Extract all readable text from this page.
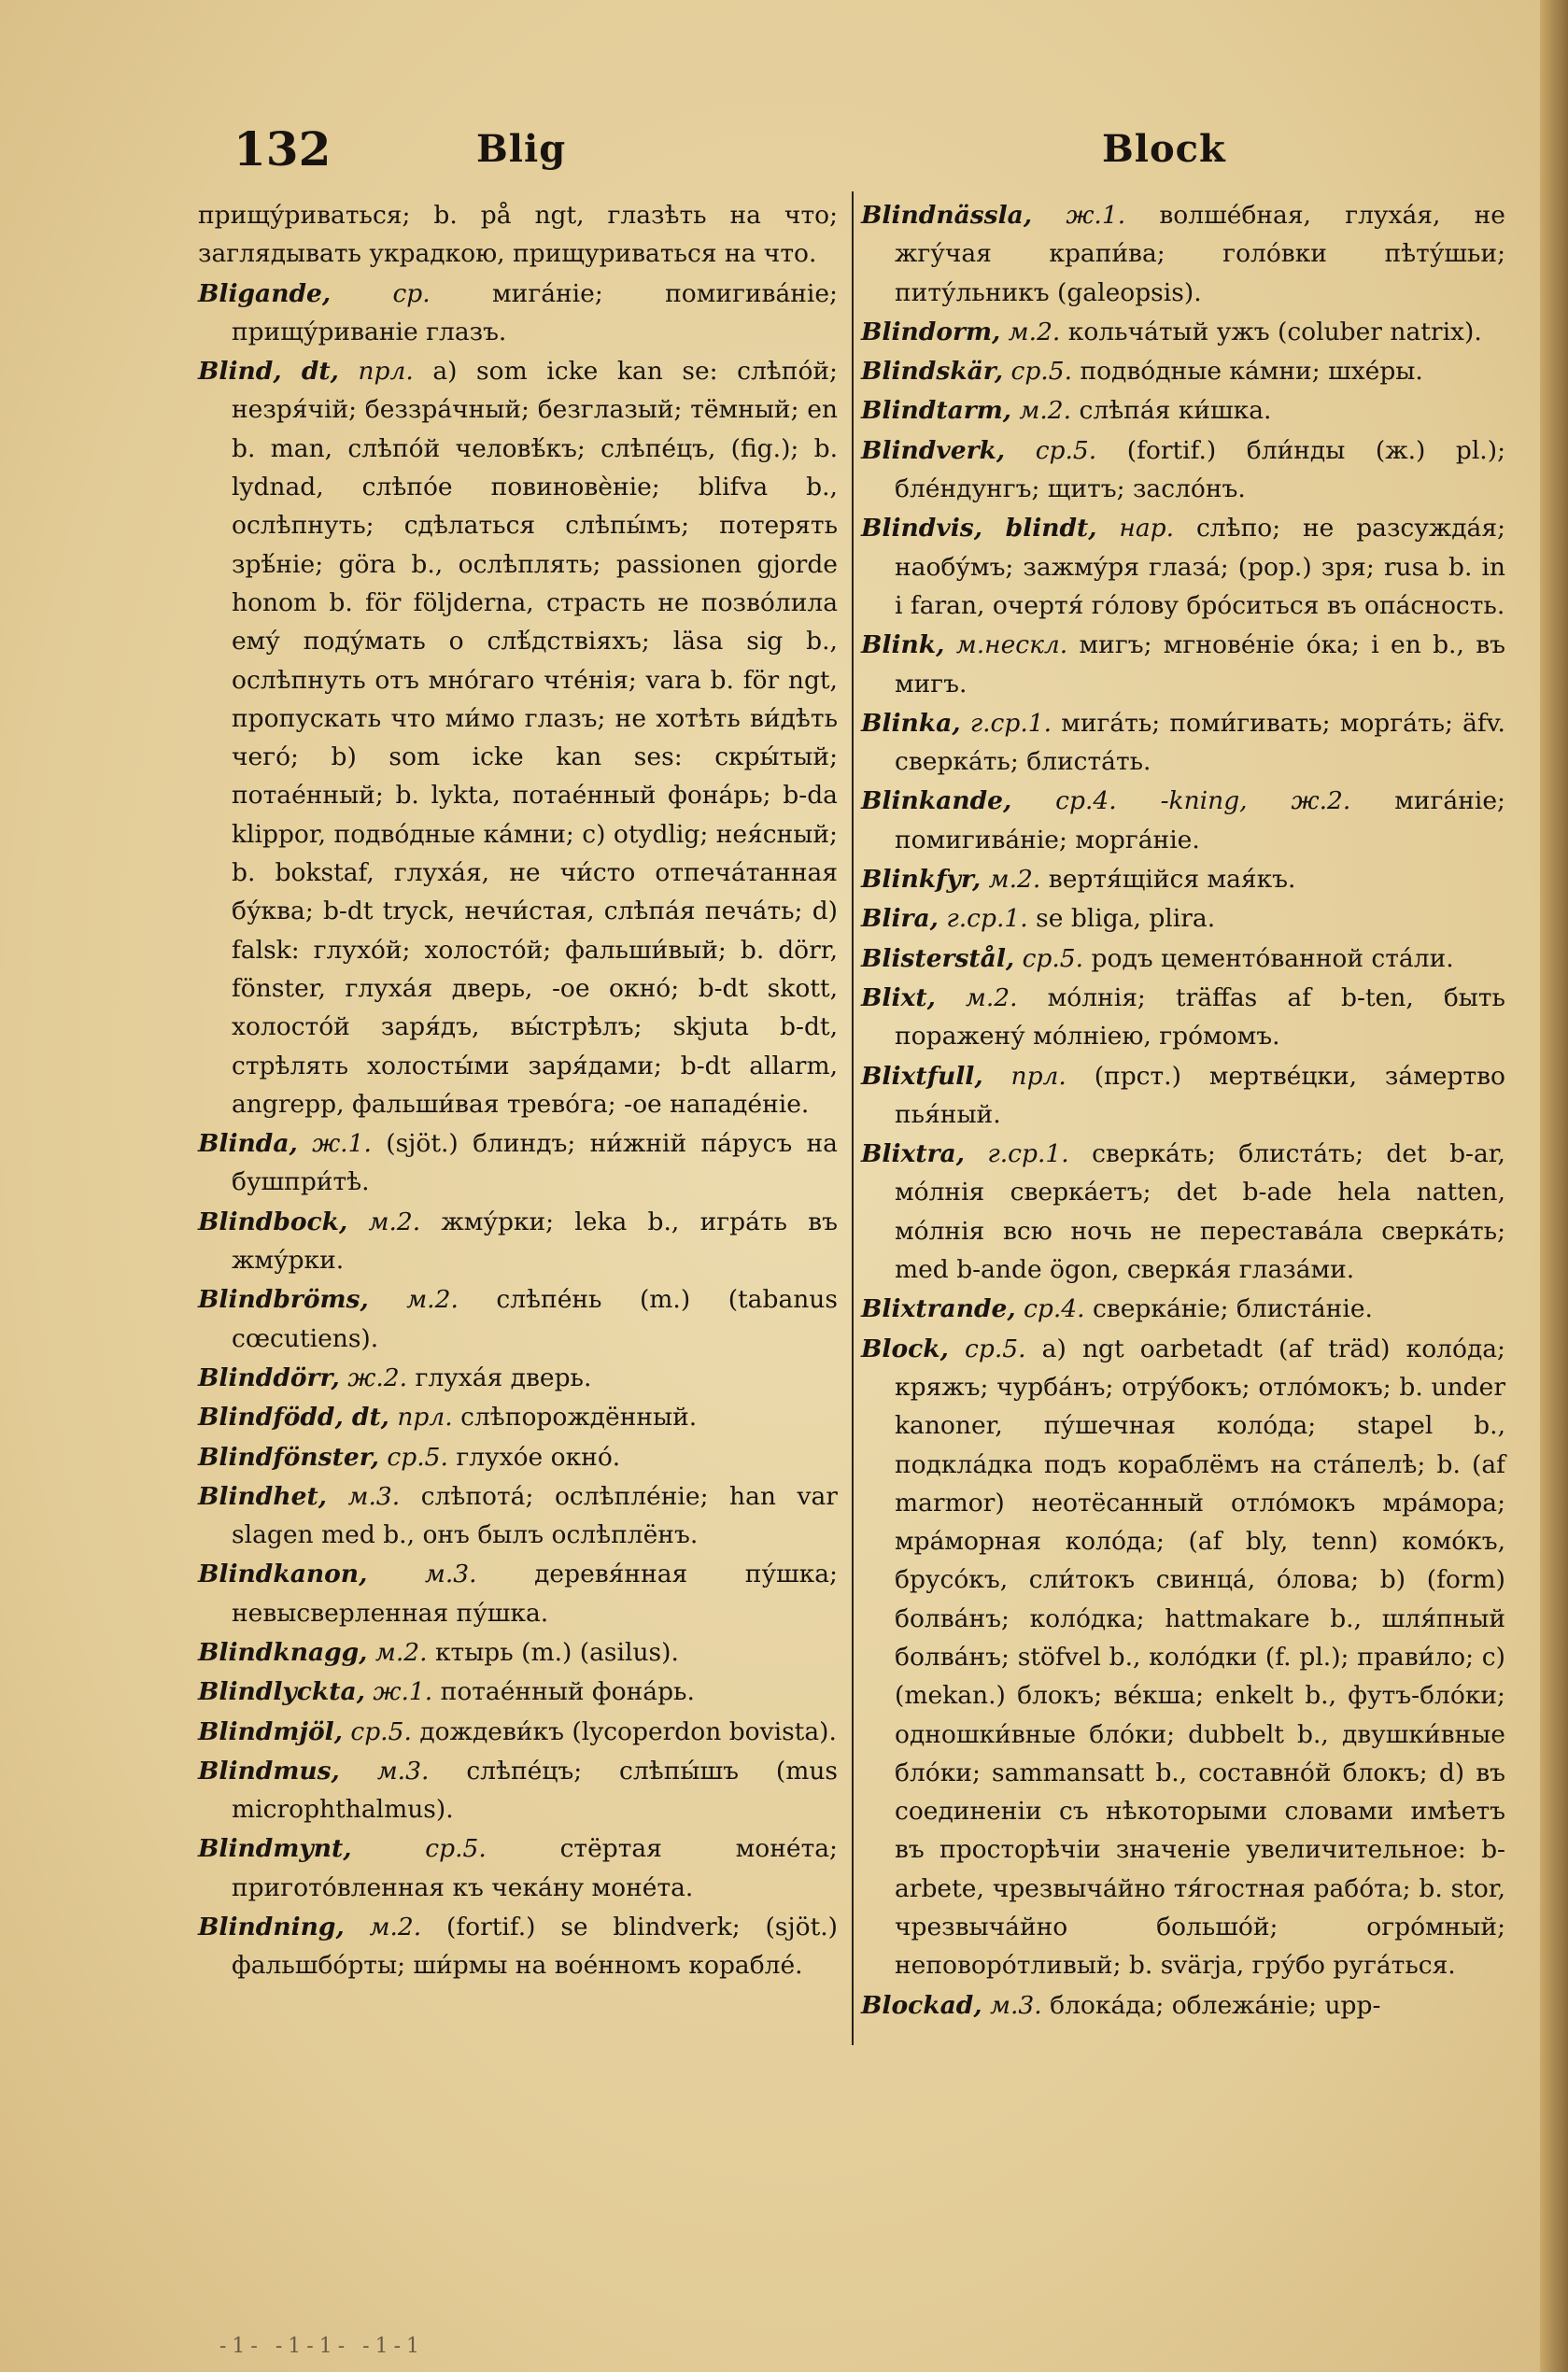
132	Blig	Block

прищу́риваться; b. på ngt, глазѣть на что; заглядывать украдкою, прищуриваться на что.

Bligande,	ср.	мига́ніе; помигива́ніе; прищу́риваніе глазъ.

Blind, dt, прл. a) som icke kan se: слѣпо́й; незря́чій; беззра́чный; безглазый; тёмный; en b. man, слѣпо́й человѣ́къ; слѣпе́цъ, (fig.); b. lydnad, слѣпо́е повиновѐніе; blifva b., ослѣпнуть; сдѣлаться слѣпы́мъ; потерять зрѣ́ніе; göra b., ослѣплять; passionen gjorde honom b. för följderna, страсть не позво́лила ему́ поду́мать о слѣ́дствіяхъ; läsa sig b., ослѣпнуть отъ мно́гаго чте́нія; vara b. för ngt, пропускать что ми́мо глазъ; не хотѣть ви́дѣть чего́; b) som icke kan ses: скры́тый; потае́нный; b. lykta, потае́нный фона́рь; b-da klippor, подво́дные ка́мни; c) otydlig; нея́сный; b. bokstaf, глуха́я, не чи́сто отпеча́танная бу́ква; b-dt tryck, нечи́стая, слѣпа́я печа́ть; d) falsk: глухо́й; холосто́й; фальши́вый; b. dörr, fönster, глуха́я дверь, -ое окно́; b-dt skott, холосто́й заря́дъ, вы́стрѣлъ; skjuta b-dt, стрѣлять холосты́ми заря́дами; b-dt allarm, angrepp, фальши́вая трево́га; -ое нападе́ніе.

Blinda, ж.1. (sjöt.) блиндъ; ни́жній па́русъ на бушпри́тѣ.

Blindbock, м.2. жму́рки; leka b., игра́ть въ жму́рки.

Blindbröms, м.2. слѣпе́нь (m.) (tabanus cœcutiens).

Blinddörr, ж.2. глуха́я дверь.

Blindfödd, dt, прл. слѣпорождённый.

Blindfönster, ср.5. глухо́е окно́.

Blindhet, м.3. слѣпота́; ослѣпле́ніе; han var slagen med b., онъ былъ ослѣплёнъ.

Blindkanon, м.3. деревя́нная пу́шка; невысверленная пу́шка.

Blindknagg, м.2. ктырь (m.) (asilus).

Blindlyckta, ж.1. потае́нный фона́рь.

Blindmjöl, ср.5. дождеви́къ (lycoperdon bovista).

Blindmus, м.3. слѣпе́цъ; слѣпы́шъ (mus microphthalmus).

Blindmynt,	ср.5.	стёртая моне́та; пригото́вленная къ чека́ну моне́та.

Blindning, м.2. (fortif.) se blindverk; (sjöt.) фальшбо́рты; ши́рмы на вое́нномъ корабле́.

Blindnässla, ж.1. волше́бная, глуха́я, не жгу́чая крапи́ва; голо́вки пѣту́шьи; питу́льникъ (galeopsis).

Blindorm, м.2. кольча́тый ужъ (coluber natrix).

Blindskär, ср.5. подво́дные ка́мни; шхе́ры.

Blindtarm, м.2. слѣпа́я ки́шка.

Blindverk, ср.5. (fortif.) бли́нды (ж.) pl.); бле́ндунгъ; щитъ; засло́нъ.

Blindvis, blindt, нар. слѣпо; не разсужда́я; наобу́мъ; зажму́ря глаза́; (pop.) зря; rusa b. in i faran, очертя́ го́лову бро́ситься въ опа́сность.

Blink, м.нескл. мигъ; мгнове́ніе о́ка; i en b., въ мигъ.

Blinka, г.ср.1. мига́ть; поми́гивать; морга́ть; äfv. сверка́ть; блиста́ть.

Blinkande, ср.4. -kning, ж.2. мига́ніе; помигива́ніе; морга́ніе.

Blinkfyr, м.2. вертя́щійся мая́къ.

Blira, г.ср.1. se bliga, plira.

Blisterstål, ср.5. родъ цементо́ванной ста́ли.

Blixt, м.2. мо́лнія; träffas af b-ten, быть поражену́ мо́лніею, гро́момъ.

Blixtfull, прл. (прст.) мертве́цки, за́мертво пья́ный.

Blixtra, г.ср.1. сверка́ть; блиста́ть; det b-ar, мо́лнія сверка́етъ; det b-ade hela natten, мо́лнія всю ночь не перестава́ла сверка́ть; med b-ande ögon, сверка́я глаза́ми.

Blixtrande, ср.4. сверка́ніе; блиста́ніе.

Block, ср.5. a) ngt oarbetadt (af träd) коло́да; кряжъ; чурба́нъ; отру́бокъ; отло́мокъ; b. under kanoner, пу́шечная коло́да; stapel b., подкла́дка подъ кораблёмъ на ста́пелѣ; b. (af marmor) неотёсанный отло́мокъ мра́мора; мра́морная коло́да; (af bly, tenn) комо́къ, брусо́къ, сли́токъ свинца́, о́лова; b) (form) болва́нъ; коло́дка; hattmakare b., шля́пный болва́нъ; stöfvel b., коло́дки (f. pl.); прави́ло; c) (mekan.) блокъ; ве́кша; enkelt b., футъ-бло́ки; одношки́вные бло́ки; dubbelt b., двушки́вные бло́ки; sammansatt b., составно́й блокъ; d) въ соединеніи съ нѣкоторыми словами имѣетъ въ просторѣчіи значеніе увеличительное: b-arbete, чрезвыча́йно тя́гостная рабо́та; b. stor, чрезвыча́йно большо́й; огро́мный; неповоро́тливый; b. svärja, гру́бо руга́ться.

Blockad, м.3. блока́да; облежа́ніе; upp-

-1- -1-1- -1-1
